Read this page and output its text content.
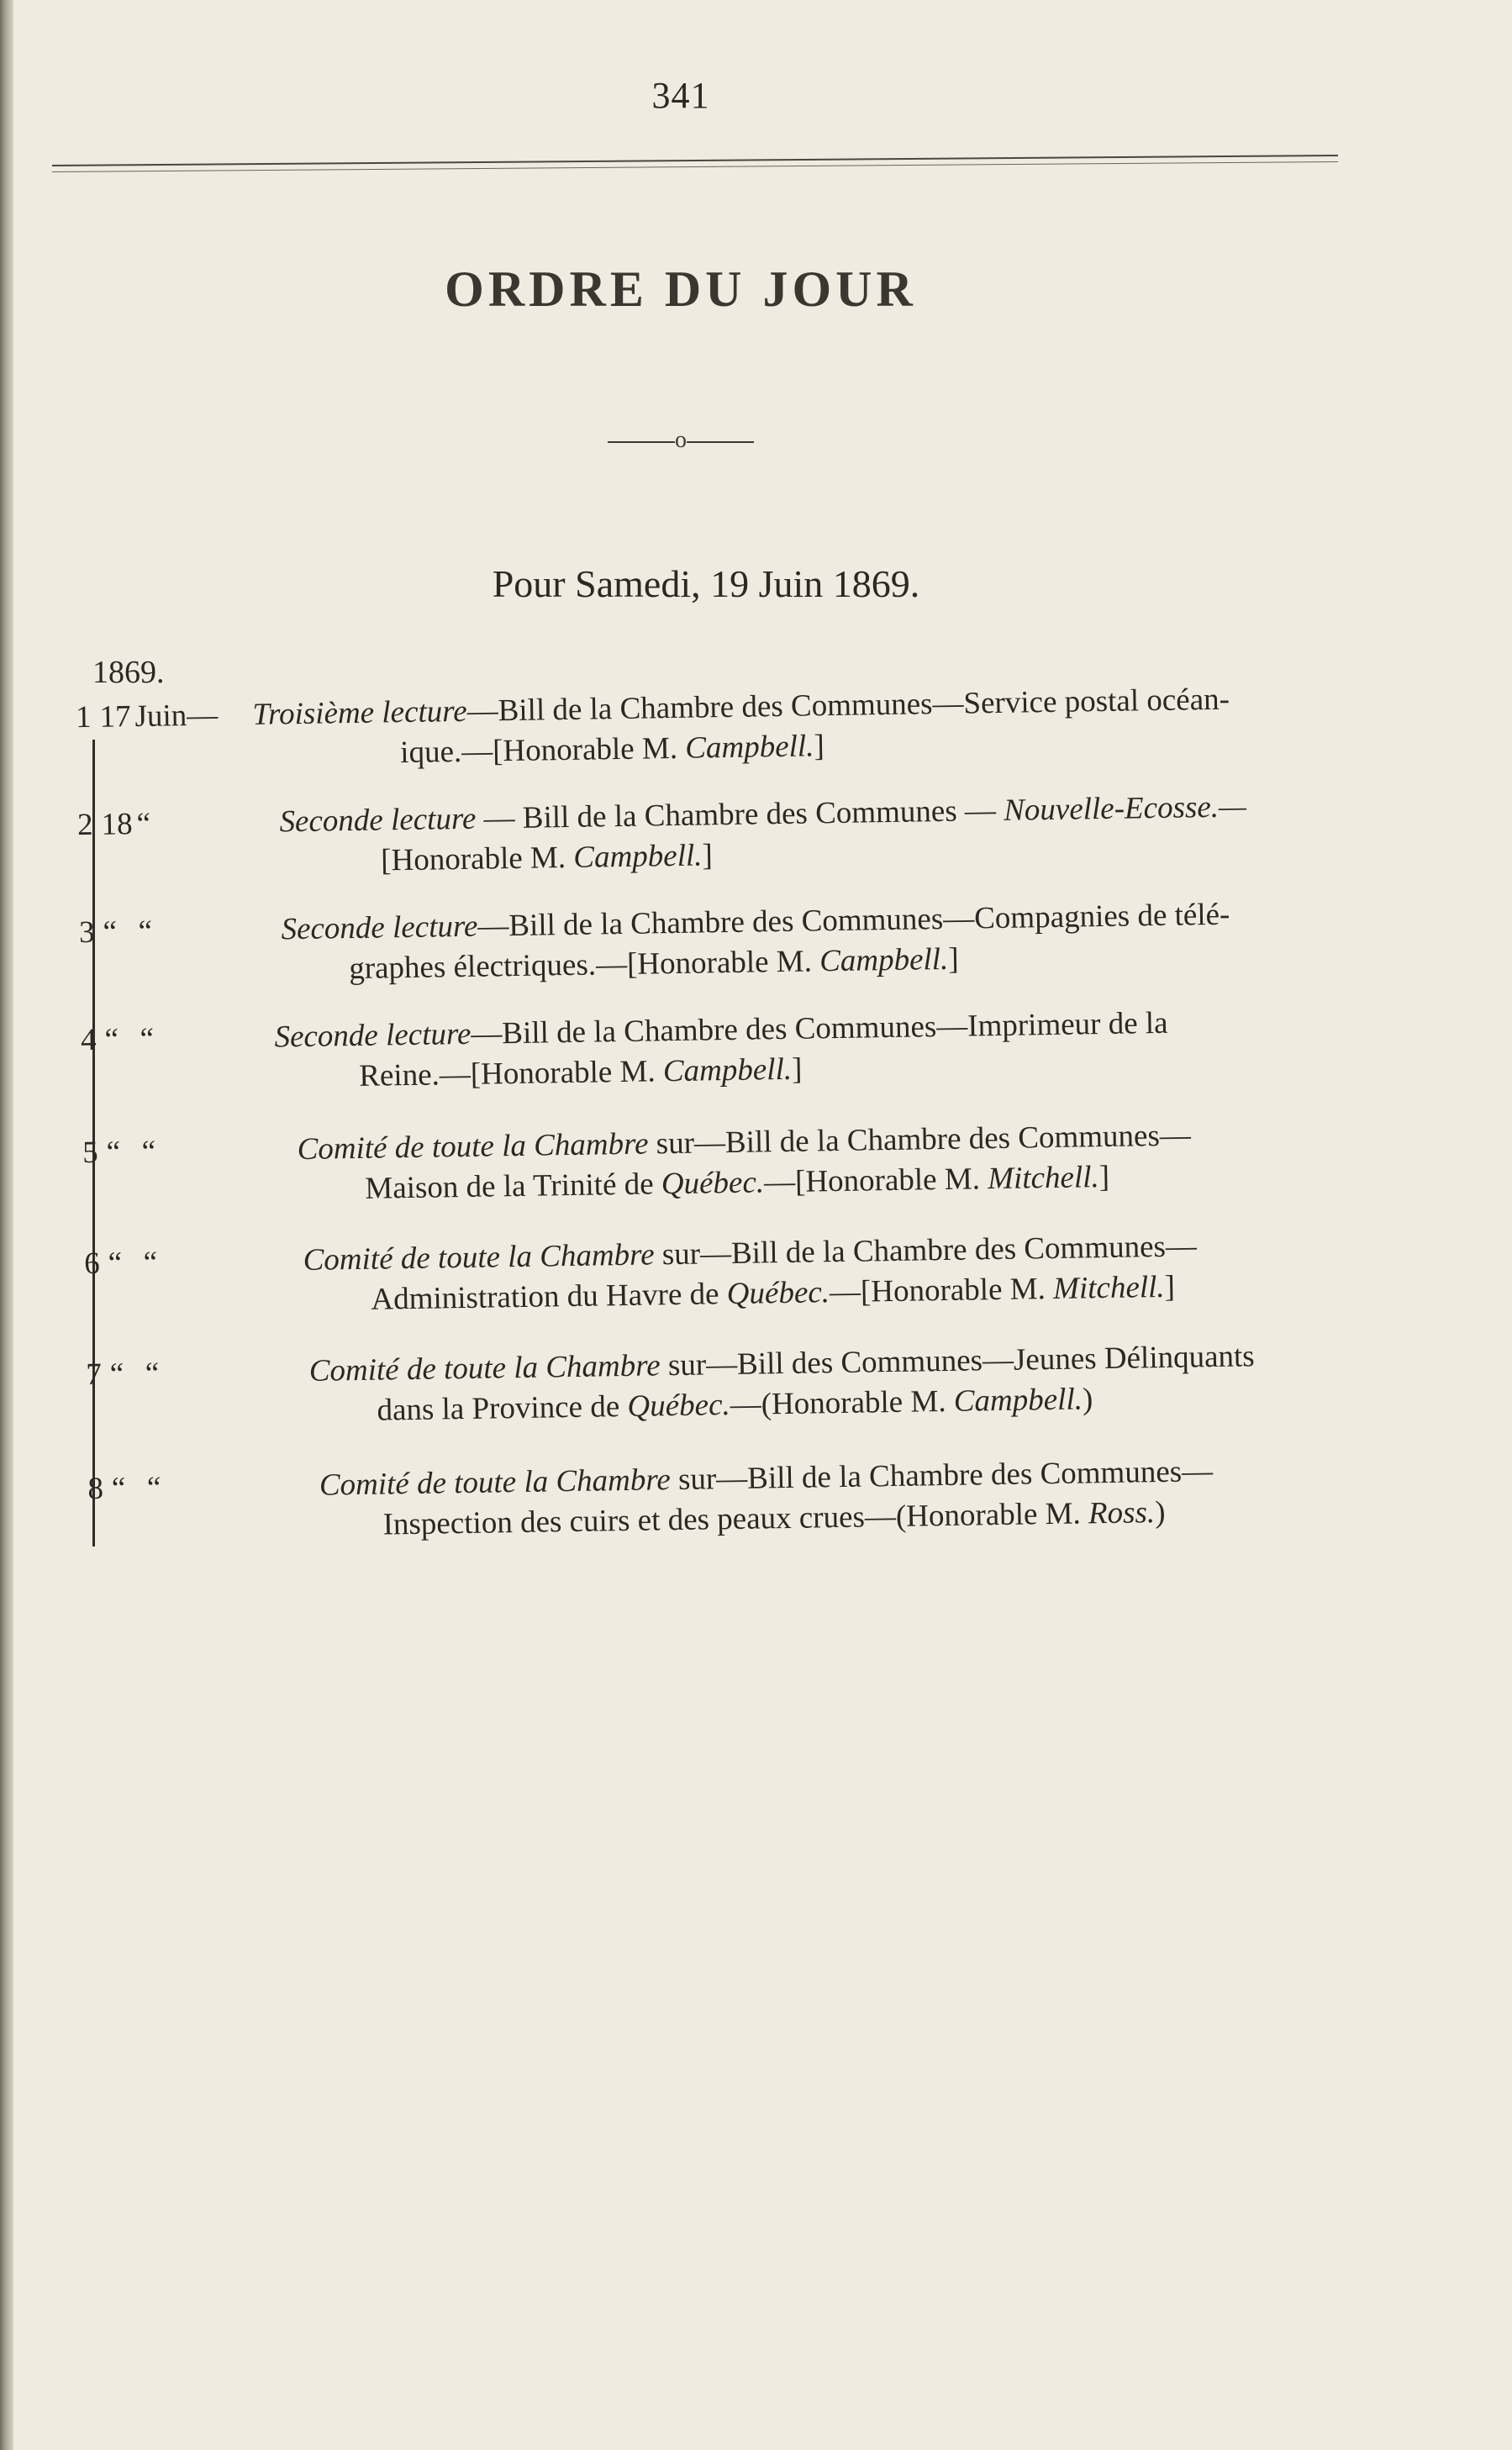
341
ORDRE DU JOUR
o
Pour Samedi, 19 Juin 1869.
1869.
1 17 Juin—	Troisième lecture—Bill de la Chambre des Communes—Service postal océan-
ique.—[Honorable M. Campbell.]
2 18 “	Seconde lecture — Bill de la Chambre des Communes — Nouvelle-Ecosse.—
[Honorable M. Campbell.]
3 “ “	Seconde lecture—Bill de la Chambre des Communes—Compagnies de télé-
graphes électriques.—[Honorable M. Campbell.]
4 “ “	Seconde lecture—Bill de la Chambre des Communes—Imprimeur de la
Reine.—[Honorable M. Campbell.]
5 “ “	Comité de toute la Chambre sur—Bill de la Chambre des Communes—
Maison de la Trinité de Québec.—[Honorable M. Mitchell.]
6 “ “	Comité de toute la Chambre sur—Bill de la Chambre des Communes—
Administration du Havre de Québec.—[Honorable M. Mitchell.]
7 “ “	Comité de toute la Chambre sur—Bill des Communes—Jeunes Délinquants
dans la Province de Québec.—(Honorable M. Campbell.)
8 “ “	Comité de toute la Chambre sur—Bill de la Chambre des Communes—
Inspection des cuirs et des peaux crues—(Honorable M. Ross.)
